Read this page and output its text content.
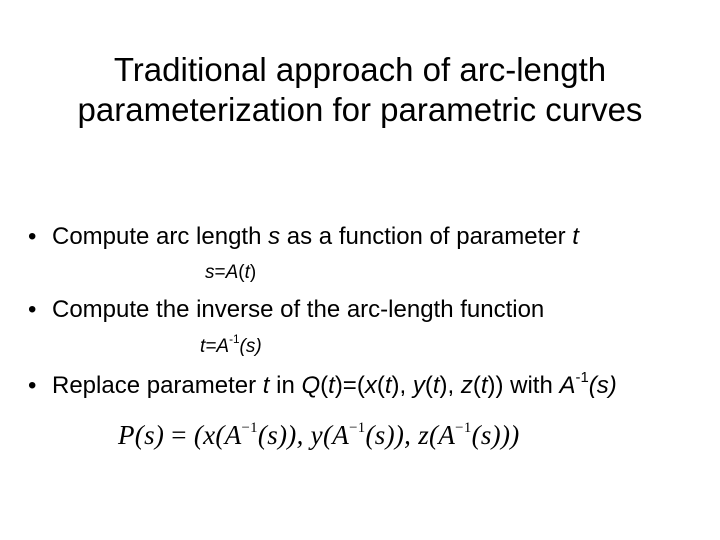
Traditional approach of arc-length
parameterization for parametric curves
• Compute arc length s as a function of parameter t
s=A(t)
• Compute the inverse of the arc-length function
$t=A^{-1}(s)$
• Replace parameter t in Q(t)=(x(t), y(t), z(t)) with $A^{-1}(s)$
$P(s) = (x(A^{-1}(s))$, $y(A^{-1}(s))$, $z(A^{-1}(s))$)
